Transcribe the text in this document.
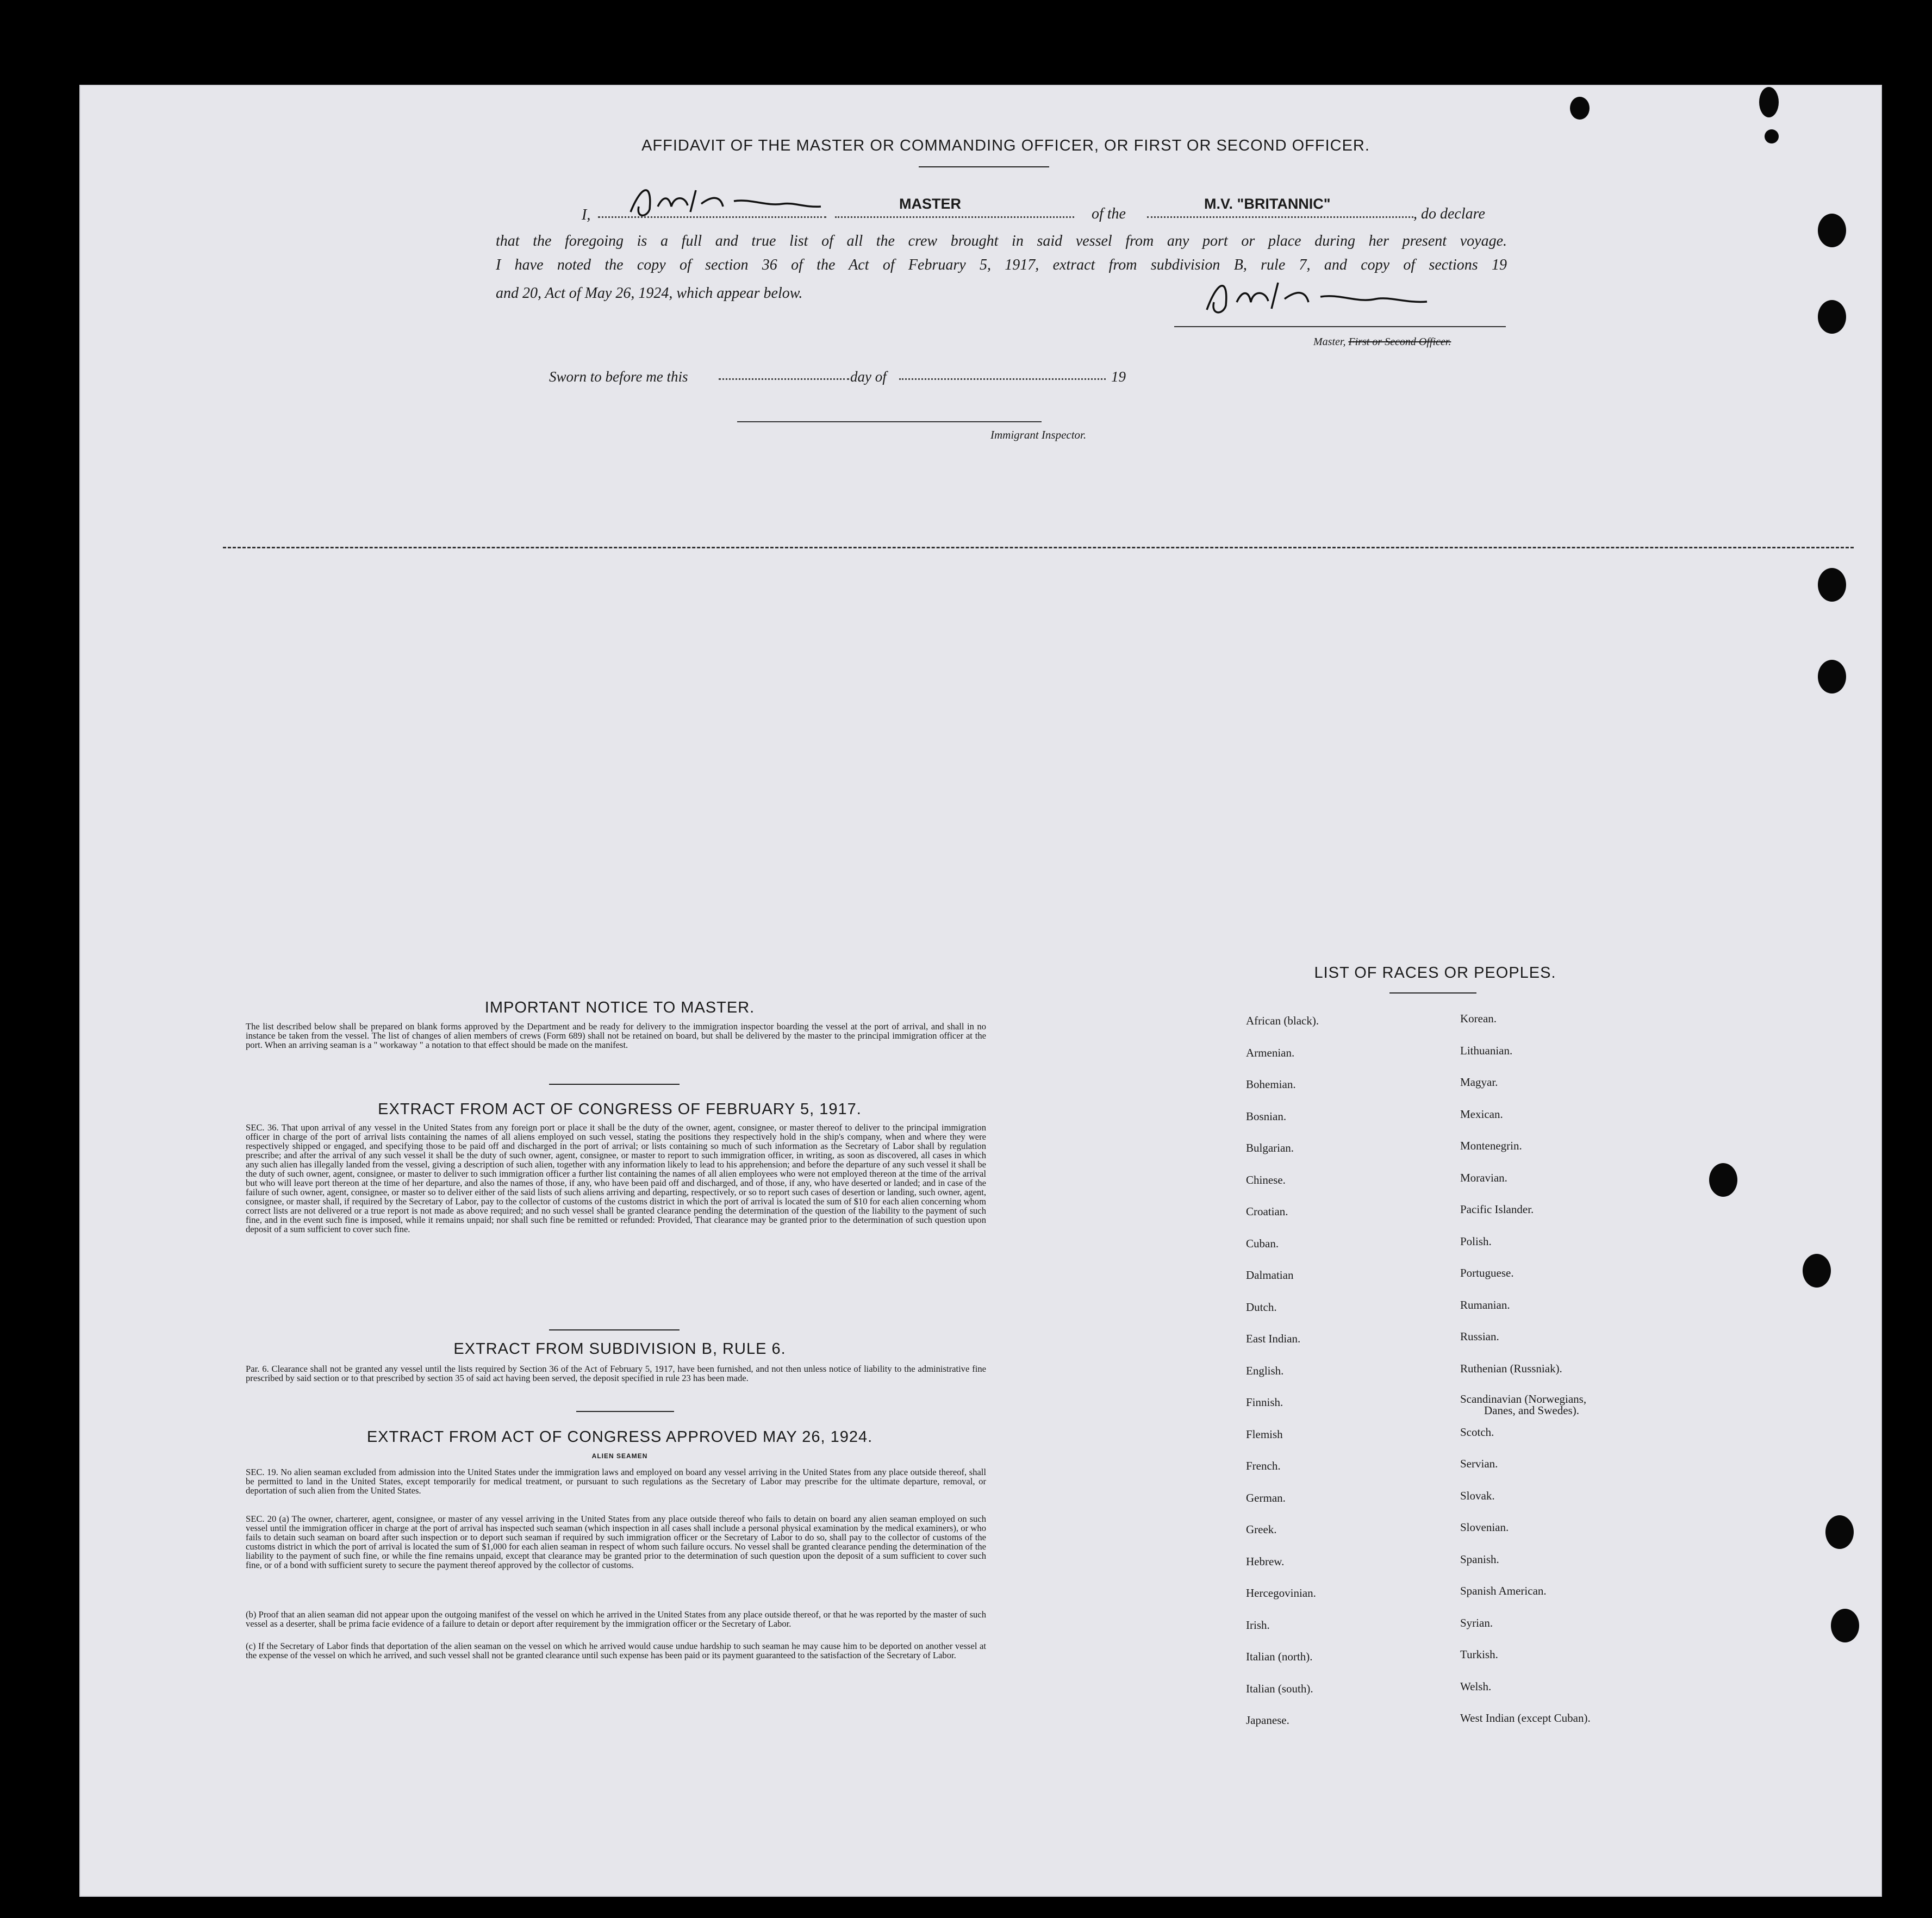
AFFIDAVIT OF THE MASTER OR COMMANDING OFFICER, OR FIRST OR SECOND OFFICER.
I,
MASTER
of the
M.V. "BRITANNIC"
, do declare
that the foregoing is a full and true list of all the crew brought in said vessel from any port or place during her present voyage.
I have noted the copy of section 36 of the Act of February 5, 1917, extract from subdivision B, rule 7, and copy of sections 19
and 20, Act of May 26, 1924, which appear below.
Master, First or Second Officer.
Sworn to before me this	day of	19
Immigrant Inspector.
IMPORTANT NOTICE TO MASTER.
The list described below shall be prepared on blank forms approved by the Department and be ready for delivery to the immigration inspector boarding the vessel at the port of arrival, and shall in no instance be taken from the vessel. The list of changes of alien members of crews (Form 689) shall not be retained on board, but shall be delivered by the master to the principal immigration officer at the port. When an arriving seaman is a " workaway " a notation to that effect should be made on the manifest.
EXTRACT FROM ACT OF CONGRESS OF FEBRUARY 5, 1917.
SEC. 36. That upon arrival of any vessel in the United States from any foreign port or place it shall be the duty of the owner, agent, consignee, or master thereof to deliver to the principal immigration officer in charge of the port of arrival lists containing the names of all aliens employed on such vessel, stating the positions they respectively hold in the ship's company, when and where they were respectively shipped or engaged, and specifying those to be paid off and discharged in the port of arrival; or lists containing so much of such information as the Secretary of Labor shall by regulation prescribe; and after the arrival of any such vessel it shall be the duty of such owner, agent, consignee, or master to report to such immigration officer, in writing, as soon as discovered, all cases in which any such alien has illegally landed from the vessel, giving a description of such alien, together with any information likely to lead to his apprehension; and before the departure of any such vessel it shall be the duty of such owner, agent, consignee, or master to deliver to such immigration officer a further list containing the names of all alien employees who were not employed thereon at the time of the arrival but who will leave port thereon at the time of her departure, and also the names of those, if any, who have been paid off and discharged, and of those, if any, who have deserted or landed; and in case of the failure of such owner, agent, consignee, or master so to deliver either of the said lists of such aliens arriving and departing, respectively, or so to report such cases of desertion or landing, such owner, agent, consignee, or master shall, if required by the Secretary of Labor, pay to the collector of customs of the customs district in which the port of arrival is located the sum of $10 for each alien concerning whom correct lists are not delivered or a true report is not made as above required; and no such vessel shall be granted clearance pending the determination of the question of the liability to the payment of such fine, and in the event such fine is imposed, while it remains unpaid; nor shall such fine be remitted or refunded: Provided, That clearance may be granted prior to the determination of such question upon deposit of a sum sufficient to cover such fine.
EXTRACT FROM SUBDIVISION B, RULE 6.
Par. 6. Clearance shall not be granted any vessel until the lists required by Section 36 of the Act of February 5, 1917, have been furnished, and not then unless notice of liability to the administrative fine prescribed by said section or to that prescribed by section 35 of said act having been served, the deposit specified in rule 23 has been made.
EXTRACT FROM ACT OF CONGRESS APPROVED MAY 26, 1924.
ALIEN SEAMEN
SEC. 19. No alien seaman excluded from admission into the United States under the immigration laws and employed on board any vessel arriving in the United States from any place outside thereof, shall be permitted to land in the United States, except temporarily for medical treatment, or pursuant to such regulations as the Secretary of Labor may prescribe for the ultimate departure, removal, or deportation of such alien from the United States.
SEC. 20 (a) The owner, charterer, agent, consignee, or master of any vessel arriving in the United States from any place outside thereof who fails to detain on board any alien seaman employed on such vessel until the immigration officer in charge at the port of arrival has inspected such seaman (which inspection in all cases shall include a personal physical examination by the medical examiners), or who fails to detain such seaman on board after such inspection or to deport such seaman if required by such immigration officer or the Secretary of Labor to do so, shall pay to the collector of customs of the customs district in which the port of arrival is located the sum of $1,000 for each alien seaman in respect of whom such failure occurs. No vessel shall be granted clearance pending the determination of the liability to the payment of such fine, or while the fine remains unpaid, except that clearance may be granted prior to the determination of such question upon the deposit of a sum sufficient to cover such fine, or of a bond with sufficient surety to secure the payment thereof approved by the collector of customs.
(b) Proof that an alien seaman did not appear upon the outgoing manifest of the vessel on which he arrived in the United States from any place outside thereof, or that he was reported by the master of such vessel as a deserter, shall be prima facie evidence of a failure to detain or deport after requirement by the immigration officer or the Secretary of Labor.
(c) If the Secretary of Labor finds that deportation of the alien seaman on the vessel on which he arrived would cause undue hardship to such seaman he may cause him to be deported on another vessel at the expense of the vessel on which he arrived, and such vessel shall not be granted clearance until such expense has been paid or its payment guaranteed to the satisfaction of the Secretary of Labor.
LIST OF RACES OR PEOPLES.
African (black).
Armenian.
Bohemian.
Bosnian.
Bulgarian.
Chinese.
Croatian.
Cuban.
Dalmatian
Dutch.
East Indian.
English.
Finnish.
Flemish
French.
German.
Greek.
Hebrew.
Hercegovinian.
Irish.
Italian (north).
Italian (south).
Japanese.
Korean.
Lithuanian.
Magyar.
Mexican.
Montenegrin.
Moravian.
Pacific Islander.
Polish.
Portuguese.
Rumanian.
Russian.
Ruthenian (Russniak).
Scandinavian (Norwegians,
Danes, and Swedes).
Scotch.
Servian.
Slovak.
Slovenian.
Spanish.
Spanish American.
Syrian.
Turkish.
Welsh.
West Indian (except Cuban).
